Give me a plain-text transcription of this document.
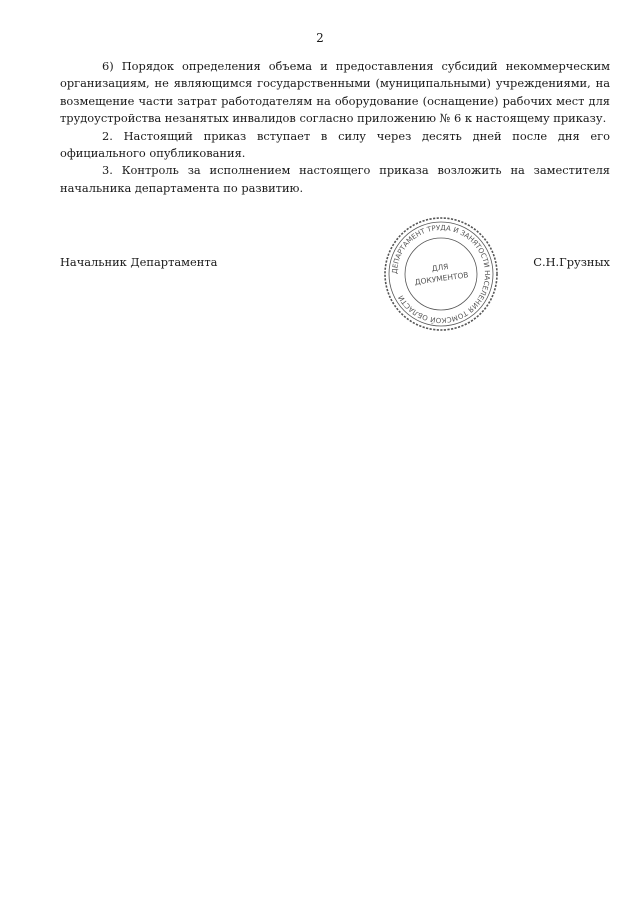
2

6) Порядок определения объема и предоставления субсидий некоммерческим организациям, не являющимся государственными (муниципальными) учреждениями, на возмещение части затрат работодателям на оборудование (оснащение) рабочих мест для трудоустройства незанятых инвалидов согласно приложению № 6 к настоящему приказу.

2. Настоящий приказ вступает в силу через десять дней после дня его официального опубликования.

3. Контроль за исполнением настоящего приказа возложить на заместителя начальника департамента по развитию.

Начальник Департамента	С.Н.Грузных
ДЕПАРТАМЕНТ ТРУДА И ЗАНЯТОСТИ НАСЕЛЕНИЯ ТОМСКОЙ ОБЛАСТИ
ДЛЯ
ДОКУМЕНТОВ
